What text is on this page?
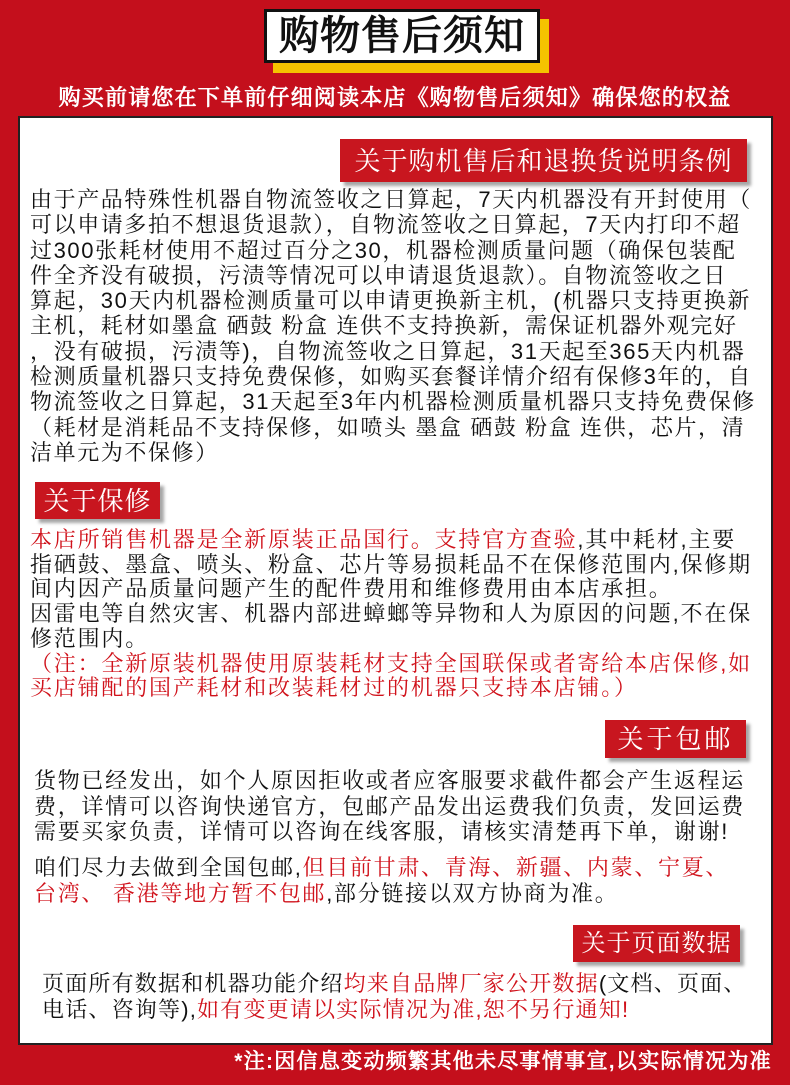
购物售后须知
购买前请您在下单前仔细阅读本店《购物售后须知》确保您的权益
关于购机售后和退换货说明条例
由于产品特殊性机器自物流签收之日算起，7天内机器没有开封使用（
可以申请多拍不想退货退款），自物流签收之日算起，7天内打印不超
过300张耗材使用不超过百分之30，机器检测质量问题（确保包装配
件全齐没有破损，污渍等情况可以申请退货退款）。自物流签收之日
算起，30天内机器检测质量可以申请更换新主机，(机器只支持更换新
主机，耗材如墨盒 硒鼓 粉盒 连供不支持换新，需保证机器外观完好
，没有破损，污渍等)，自物流签收之日算起，31天起至365天内机器
检测质量机器只支持免费保修，如购买套餐详情介绍有保修3年的，自
物流签收之日算起，31天起至3年内机器检测质量机器只支持免费保修
（耗材是消耗品不支持保修，如喷头 墨盒 硒鼓 粉盒 连供，芯片，清
洁单元为不保修）
关于保修
本店所销售机器是全新原装正品国行。支持官方查验,其中耗材,主要
指硒鼓、墨盒、喷头、粉盒、芯片等易损耗品不在保修范围内,保修期
间内因产品质量问题产生的配件费用和维修费用由本店承担。
因雷电等自然灾害、机器内部进蟑螂等异物和人为原因的问题,不在保
修范围内。
（注：全新原装机器使用原装耗材支持全国联保或者寄给本店保修,如
买店铺配的国产耗材和改装耗材过的机器只支持本店铺。）
关于包邮
货物已经发出，如个人原因拒收或者应客服要求截件都会产生返程运
费，详情可以咨询快递官方，包邮产品发出运费我们负责，发回运费
需要买家负责，详情可以咨询在线客服，请核实清楚再下单，谢谢!
咱们尽力去做到全国包邮,但目前甘肃、青海、新疆、内蒙、宁夏、
台湾、 香港等地方暂不包邮,部分链接以双方协商为准。
关于页面数据
页面所有数据和机器功能介绍均来自品牌厂家公开数据(文档、页面、
电话、咨询等),如有变更请以实际情况为准,恕不另行通知!
*注:因信息变动频繁其他未尽事情事宣,以实际情况为准
